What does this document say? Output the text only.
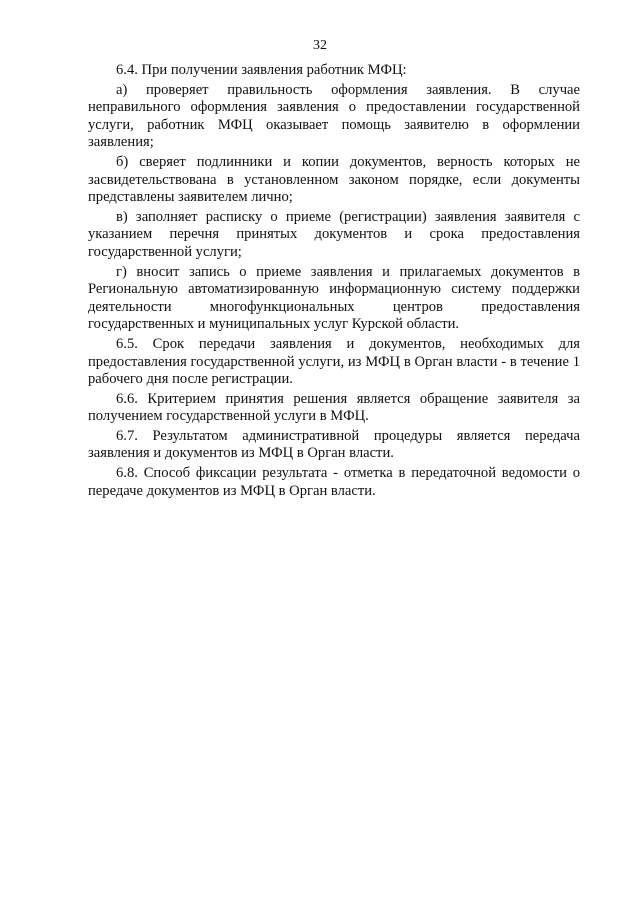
32

6.4. При получении заявления работник МФЦ:

а) проверяет правильность оформления заявления. В случае неправильного оформления заявления о предоставлении государственной услуги, работник МФЦ оказывает помощь заявителю в оформлении заявления;

б) сверяет подлинники и копии документов, верность которых не засвидетельствована в установленном законом порядке, если документы представлены заявителем лично;

в) заполняет расписку о приеме (регистрации) заявления заявителя с указанием перечня принятых документов и срока предоставления государственной услуги;

г) вносит запись о приеме заявления и прилагаемых документов в Региональную автоматизированную информационную систему поддержки деятельности многофункциональных центров предоставления государственных и муниципальных услуг Курской области.

6.5. Срок передачи заявления и документов, необходимых для предоставления государственной услуги, из МФЦ в Орган власти - в течение 1 рабочего дня после регистрации.

6.6. Критерием принятия решения является обращение заявителя за получением государственной услуги в МФЦ.

6.7. Результатом административной процедуры является передача заявления и документов из МФЦ в Орган власти.

6.8. Способ фиксации результата - отметка в передаточной ведомости о передаче документов из МФЦ в Орган власти.
